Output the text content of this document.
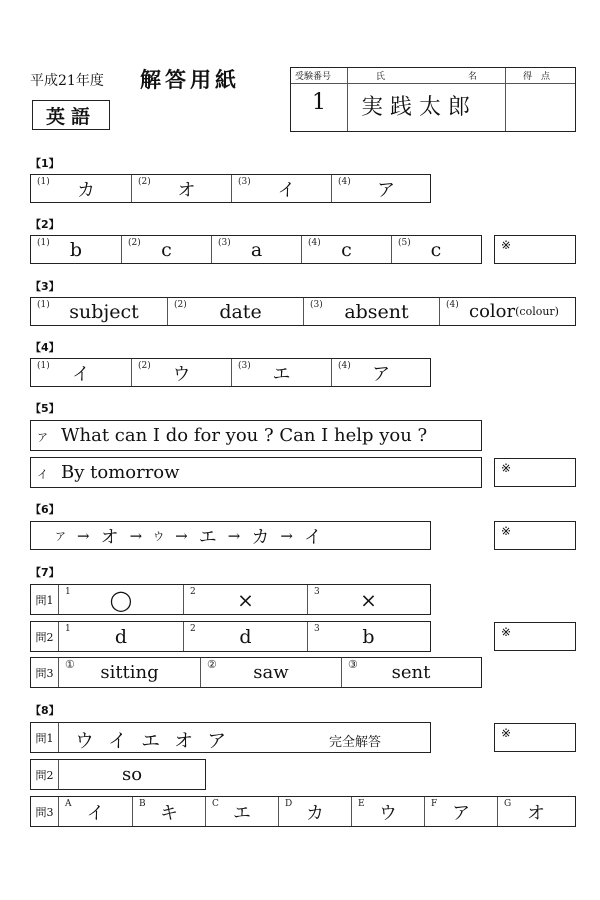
平成21年度 解答用紙
英語
受験番号	氏	名	得　点
1	実践太郎
【1】
(1)	カ	(2)	オ	(3)	イ	(4)	ア
【2】
(1)	b	(2)	c	(3)	a	(4)	c	(5)	c	※
【3】
(1)	subject	(2)	date	(3)	absent	(4) color (colour)
【4】
(1)	イ	(2)	ウ	(3)	エ	(4)	ア
【5】
ア What can I do for you ? Can I help you ?
イ By tomorrow	※
【6】
ア → オ → ウ → エ → カ → イ	※
【7】
問1
1	◯	2	×	3	×
問2
1	d	2	d	3	b	※
問3
①	sitting	②	saw	③	sent
【8】
問1 ウ イ エ オ ア	完全解答
※
問2	so
問3
A イ	B キ	C エ	D カ	E ウ	F ア	G オ
